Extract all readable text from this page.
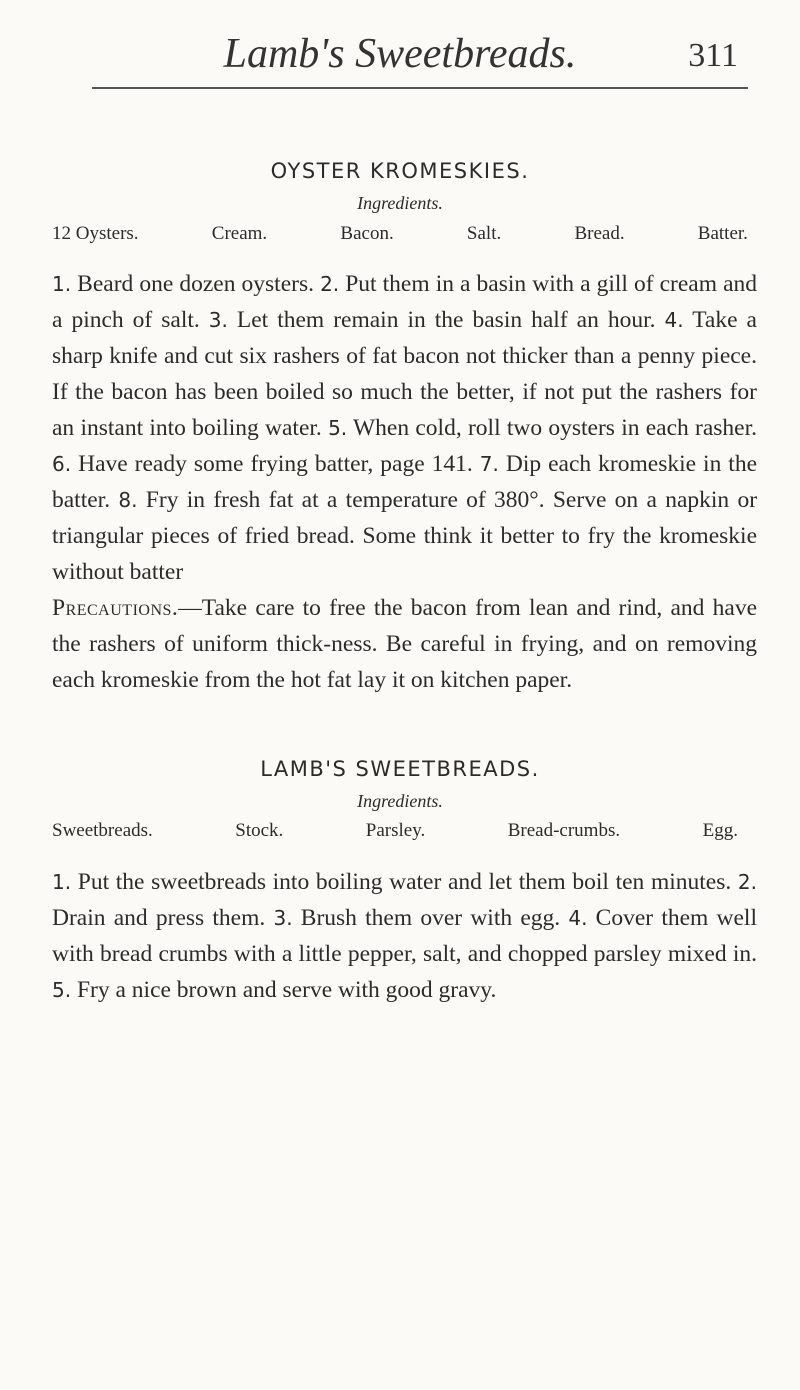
Lamb's Sweetbreads.	311
OYSTER KROMESKIES.
Ingredients.
12 Oysters.	Cream.	Bacon.	Salt.	Bread.	Batter.

1. Beard one dozen oysters. 2. Put them in a basin with a gill of cream and a pinch of salt. 3. Let them remain in the basin half an hour. 4. Take a sharp knife and cut six rashers of fat bacon not thicker than a penny piece. If the bacon has been boiled so much the better, if not put the rashers for an instant into boiling water. 5. When cold, roll two oysters in each rasher. 6. Have ready some frying batter, page 141. 7. Dip each kromeskie in the batter. 8. Fry in fresh fat at a temperature of 380°. Serve on a napkin or triangular pieces of fried bread. Some think it better to fry the kromeskie without batter

Precautions.—Take care to free the bacon from lean and rind, and have the rashers of uniform thick-ness. Be careful in frying, and on removing each kromeskie from the hot fat lay it on kitchen paper.

LAMB'S SWEETBREADS.
Ingredients.
Sweetbreads.	Stock.	Parsley.	Bread-crumbs.	Egg.

1. Put the sweetbreads into boiling water and let them boil ten minutes. 2. Drain and press them. 3. Brush them over with egg. 4. Cover them well with bread crumbs with a little pepper, salt, and chopped parsley mixed in. 5. Fry a nice brown and serve with good gravy.
